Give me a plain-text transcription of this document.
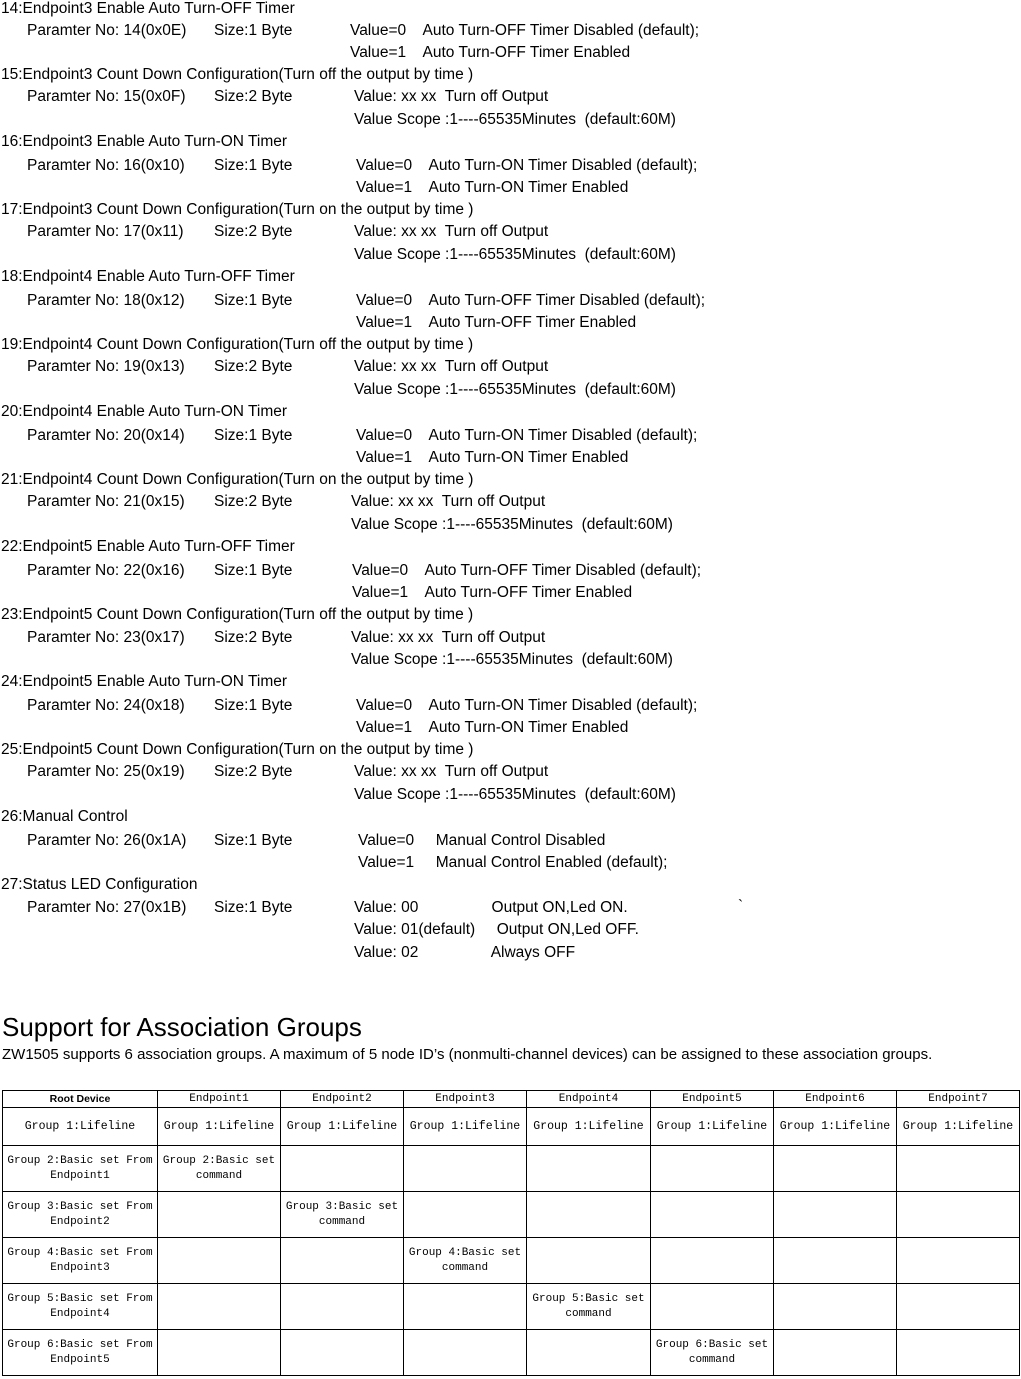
14:Endpoint3 Enable Auto Turn-OFF Timer
Paramter No: 14(0x0E) Size:1 Byte	Value=0    Auto Turn-OFF Timer Disabled (default);
Value=1    Auto Turn-OFF Timer Enabled
15:Endpoint3 Count Down Configuration(Turn off the output by time )
Paramter No: 15(0x0F) Size:2 Byte	Value: xx xx  Turn off Output
Value Scope :1----65535Minutes  (default:60M)
16:Endpoint3 Enable Auto Turn-ON Timer
Paramter No: 16(0x10) Size:1 Byte	Value=0    Auto Turn-ON Timer Disabled (default);
Value=1    Auto Turn-ON Timer Enabled
17:Endpoint3 Count Down Configuration(Turn on the output by time )
Paramter No: 17(0x11) Size:2 Byte	Value: xx xx  Turn off Output
Value Scope :1----65535Minutes  (default:60M)
18:Endpoint4 Enable Auto Turn-OFF Timer
Paramter No: 18(0x12) Size:1 Byte	Value=0    Auto Turn-OFF Timer Disabled (default);
Value=1    Auto Turn-OFF Timer Enabled
19:Endpoint4 Count Down Configuration(Turn off the output by time )
Paramter No: 19(0x13) Size:2 Byte	Value: xx xx  Turn off Output
Value Scope :1----65535Minutes  (default:60M)
20:Endpoint4 Enable Auto Turn-ON Timer
Paramter No: 20(0x14) Size:1 Byte	Value=0    Auto Turn-ON Timer Disabled (default);
Value=1    Auto Turn-ON Timer Enabled
21:Endpoint4 Count Down Configuration(Turn on the output by time )
Paramter No: 21(0x15) Size:2 Byte	Value: xx xx  Turn off Output
Value Scope :1----65535Minutes  (default:60M)
22:Endpoint5 Enable Auto Turn-OFF Timer
Paramter No: 22(0x16) Size:1 Byte	Value=0    Auto Turn-OFF Timer Disabled (default);
Value=1    Auto Turn-OFF Timer Enabled
23:Endpoint5 Count Down Configuration(Turn off the output by time )
Paramter No: 23(0x17) Size:2 Byte	Value: xx xx  Turn off Output
Value Scope :1----65535Minutes  (default:60M)
24:Endpoint5 Enable Auto Turn-ON Timer
Paramter No: 24(0x18) Size:1 Byte	Value=0    Auto Turn-ON Timer Disabled (default);
Value=1    Auto Turn-ON Timer Enabled
25:Endpoint5 Count Down Configuration(Turn on the output by time )
Paramter No: 25(0x19) Size:2 Byte	Value: xx xx  Turn off Output
Value Scope :1----65535Minutes  (default:60M)
26:Manual Control
Paramter No: 26(0x1A) Size:1 Byte	Value=0     Manual Control Disabled
Value=1     Manual Control Enabled (default);
27:Status LED Configuration
Paramter No: 27(0x1B) Size:1 Byte	Value: 00                 Output ON,Led ON.
Value: 01(default)     Output ON,Led OFF.
Value: 02                 Always OFF
`
Support for Association Groups
ZW1505 supports 6 association groups. A maximum of 5 node ID’s (nonmulti-channel devices) can be assigned to these association groups.
Root Device	Endpoint1	Endpoint2	Endpoint3	Endpoint4	Endpoint5	Endpoint6	Endpoint7
Group 1:Lifeline	Group 1:Lifeline	Group 1:Lifeline	Group 1:Lifeline	Group 1:Lifeline	Group 1:Lifeline	Group 1:Lifeline	Group 1:Lifeline
Group 2:Basic set From Endpoint1	Group 2:Basic set command						
Group 3:Basic set From Endpoint2		Group 3:Basic set command					
Group 4:Basic set From Endpoint3			Group 4:Basic set command				
Group 5:Basic set From Endpoint4				Group 5:Basic set command			
Group 6:Basic set From Endpoint5					Group 6:Basic set command		
